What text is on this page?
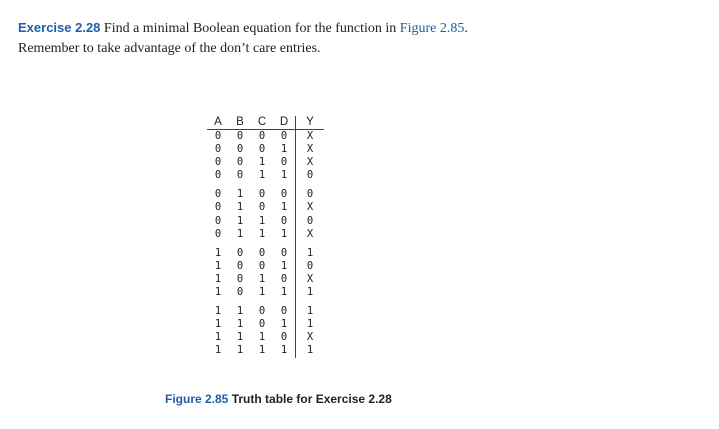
Exercise 2.28 Find a minimal Boolean equation for the function in Figure 2.85.
Remember to take advantage of the don’t care entries.
A	B	C	D	Y
0	0	0	0	X
0	0	0	1	X
0	0	1	0	X
0	0	1	1	0
0	1	0	0	0
0	1	0	1	X
0	1	1	0	0
0	1	1	1	X
1	0	0	0	1
1	0	0	1	0
1	0	1	0	X
1	0	1	1	1
1	1	0	0	1
1	1	0	1	1
1	1	1	0	X
1	1	1	1	1
Figure 2.85 Truth table for Exercise 2.28
